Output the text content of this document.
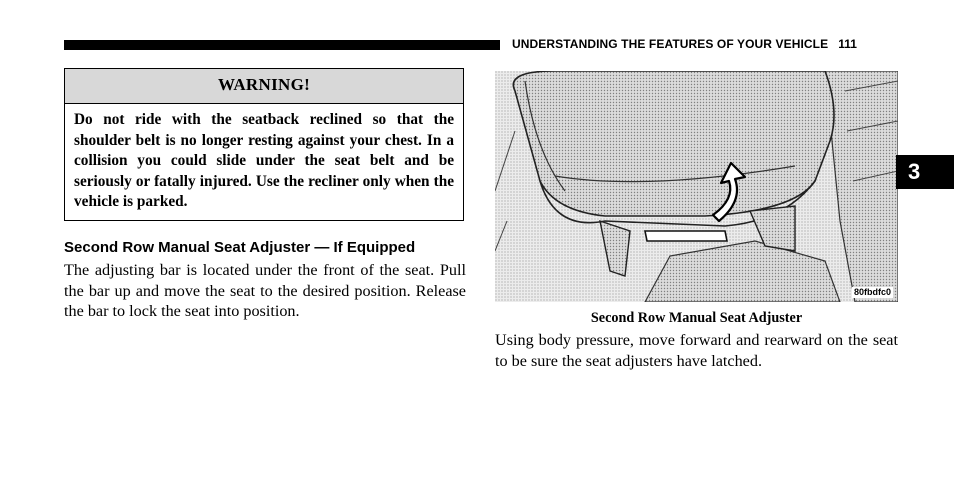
UNDERSTANDING THE FEATURES OF YOUR VEHICLE 111
WARNING!
Do not ride with the seatback reclined so that the shoulder belt is no longer resting against your chest. In a collision you could slide under the seat belt and be seriously or fatally injured. Use the recliner only when the vehicle is parked.
Second Row Manual Seat Adjuster — If Equipped
The adjusting bar is located under the front of the seat. Pull the bar up and move the seat to the desired position. Release the bar to lock the seat into position.
80fbdfc0
Second Row Manual Seat Adjuster
Using body pressure, move forward and rearward on the seat to be sure the seat adjusters have latched.
3
